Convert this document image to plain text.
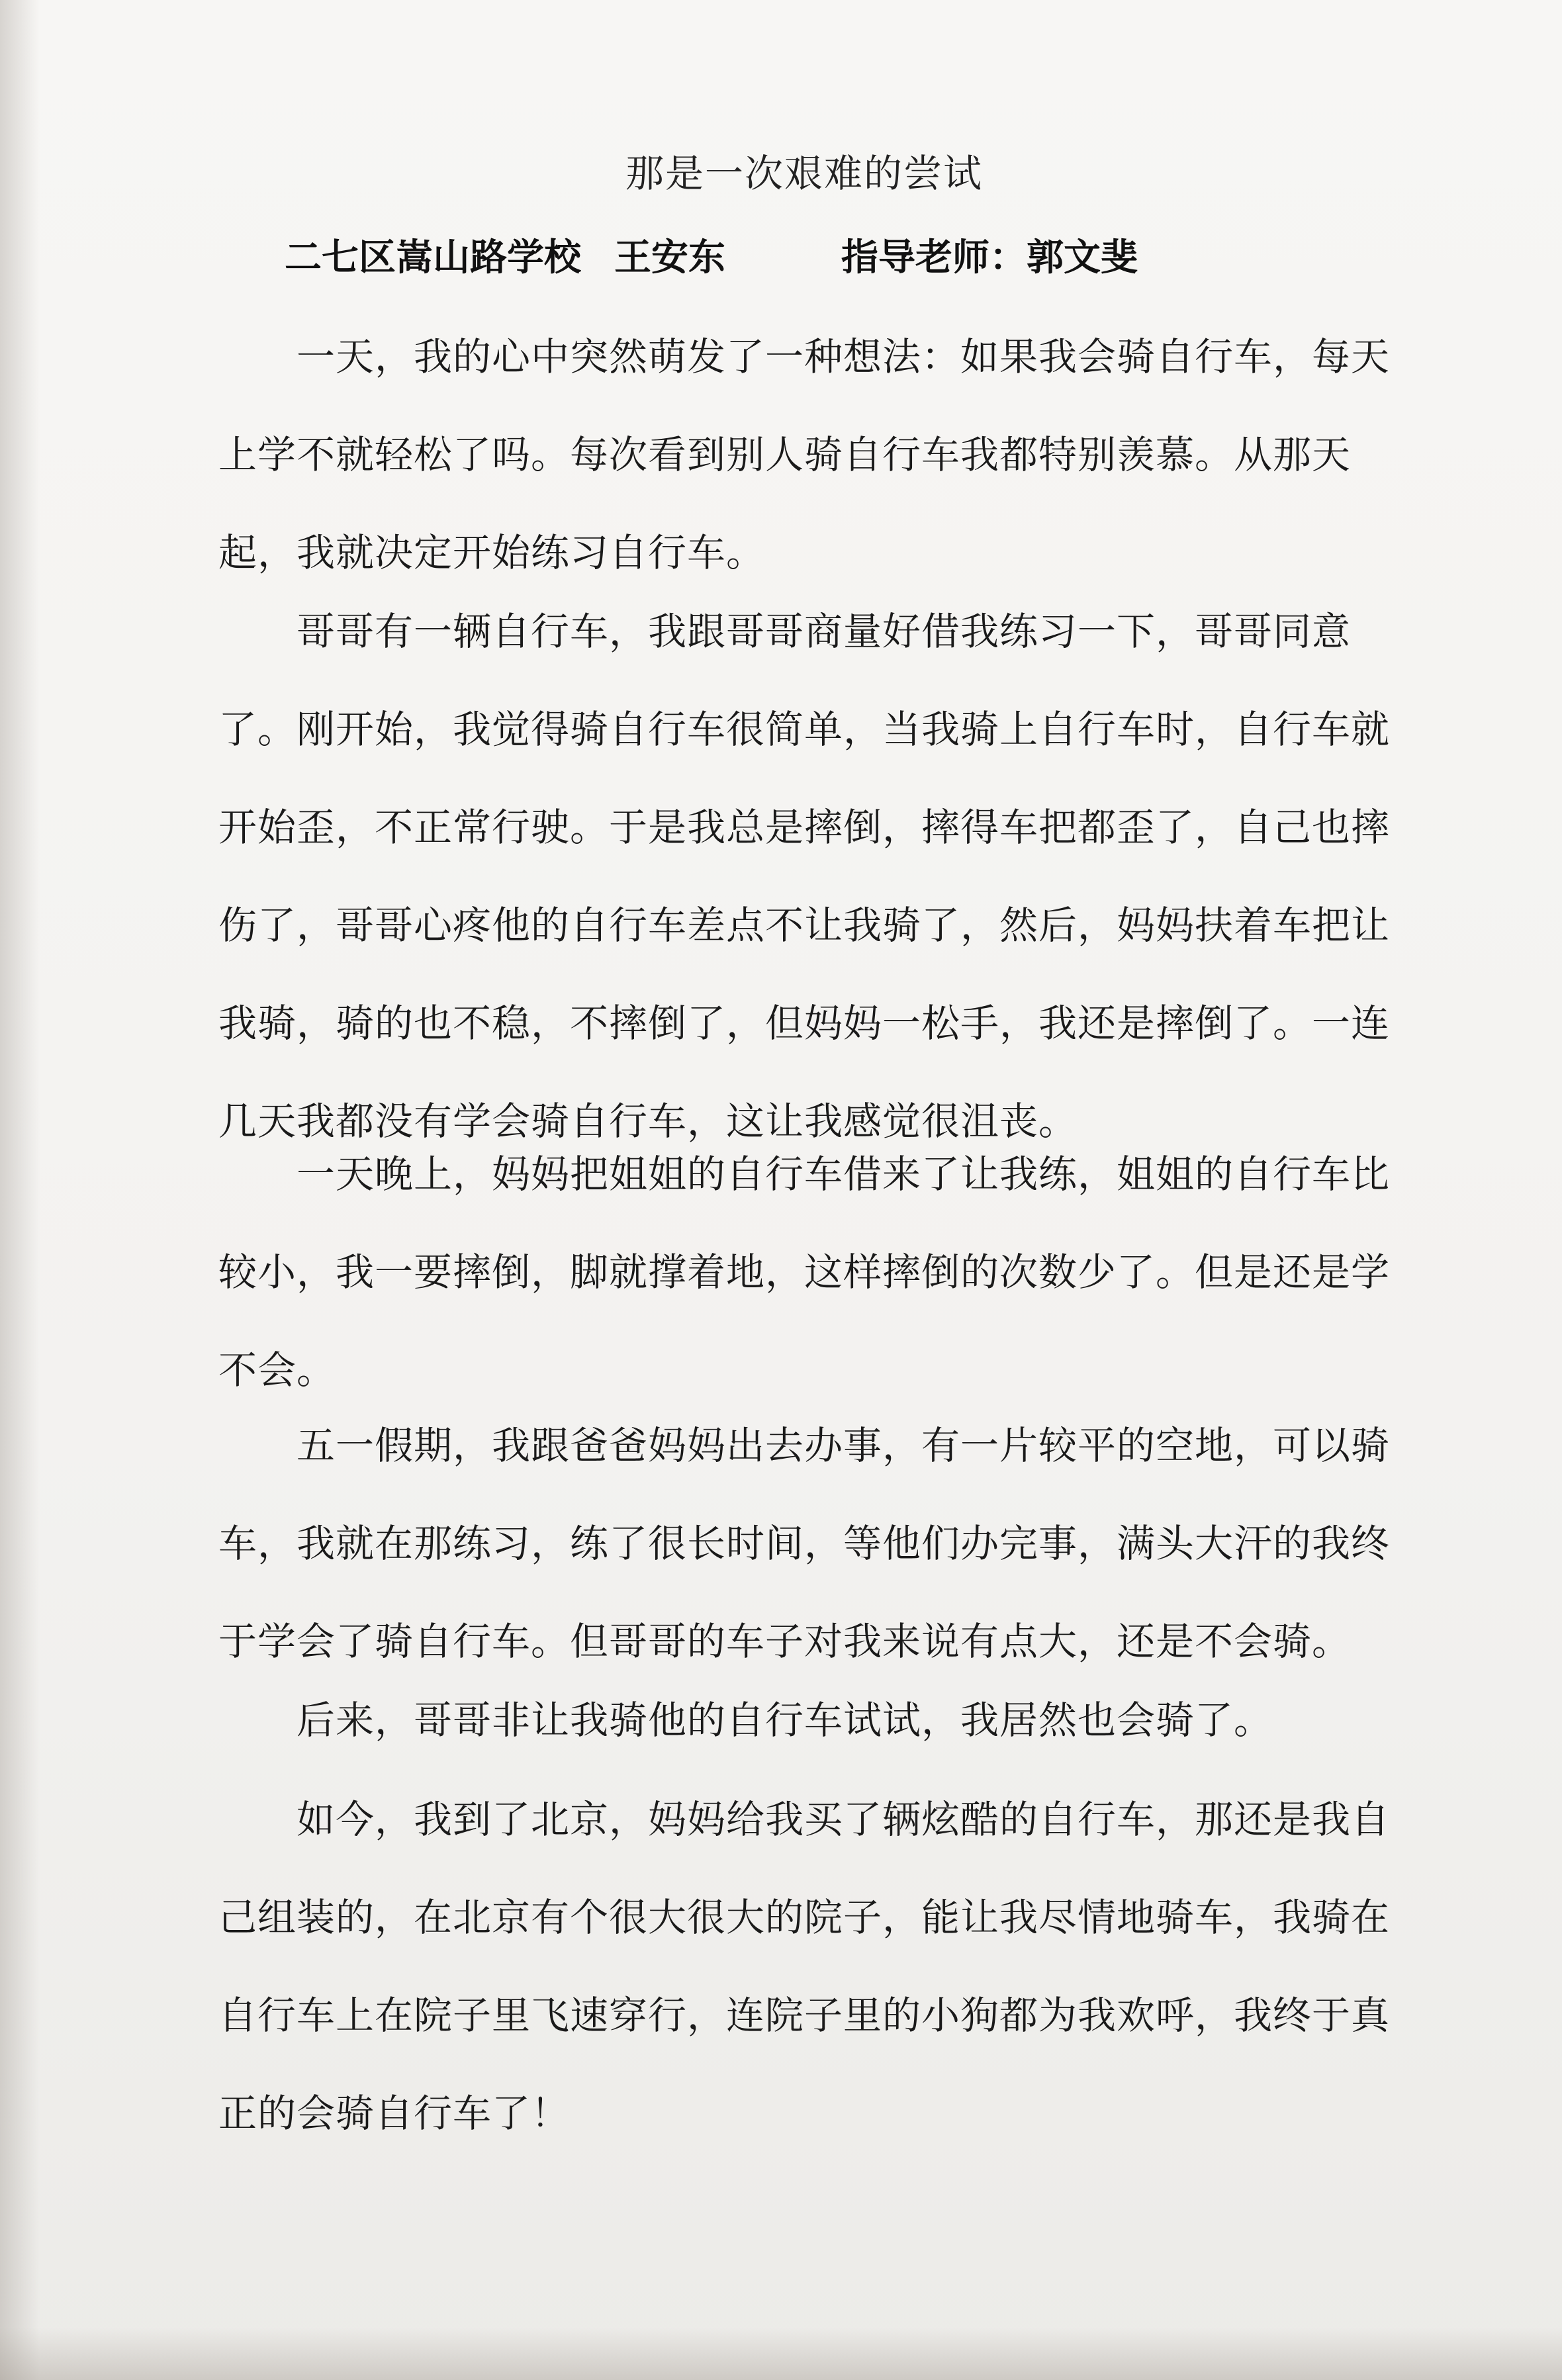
那是一次艰难的尝试
二七区嵩山路学校 王安东	指导老师：郭文斐

一天，我的心中突然萌发了一种想法：如果我会骑自行车，每天上学不就轻松了吗。每次看到别人骑自行车我都特别羡慕。从那天起，我就决定开始练习自行车。

哥哥有一辆自行车，我跟哥哥商量好借我练习一下，哥哥同意了。刚开始，我觉得骑自行车很简单，当我骑上自行车时，自行车就开始歪，不正常行驶。于是我总是摔倒，摔得车把都歪了，自己也摔伤了，哥哥心疼他的自行车差点不让我骑了，然后，妈妈扶着车把让我骑，骑的也不稳，不摔倒了，但妈妈一松手，我还是摔倒了。一连几天我都没有学会骑自行车，这让我感觉很沮丧。

一天晚上，妈妈把姐姐的自行车借来了让我练，姐姐的自行车比较小，我一要摔倒，脚就撑着地，这样摔倒的次数少了。但是还是学不会。

五一假期，我跟爸爸妈妈出去办事，有一片较平的空地，可以骑车，我就在那练习，练了很长时间，等他们办完事，满头大汗的我终于学会了骑自行车。但哥哥的车子对我来说有点大，还是不会骑。

后来，哥哥非让我骑他的自行车试试，我居然也会骑了。

如今，我到了北京，妈妈给我买了辆炫酷的自行车，那还是我自己组装的，在北京有个很大很大的院子，能让我尽情地骑车，我骑在自行车上在院子里飞速穿行，连院子里的小狗都为我欢呼，我终于真正的会骑自行车了！
